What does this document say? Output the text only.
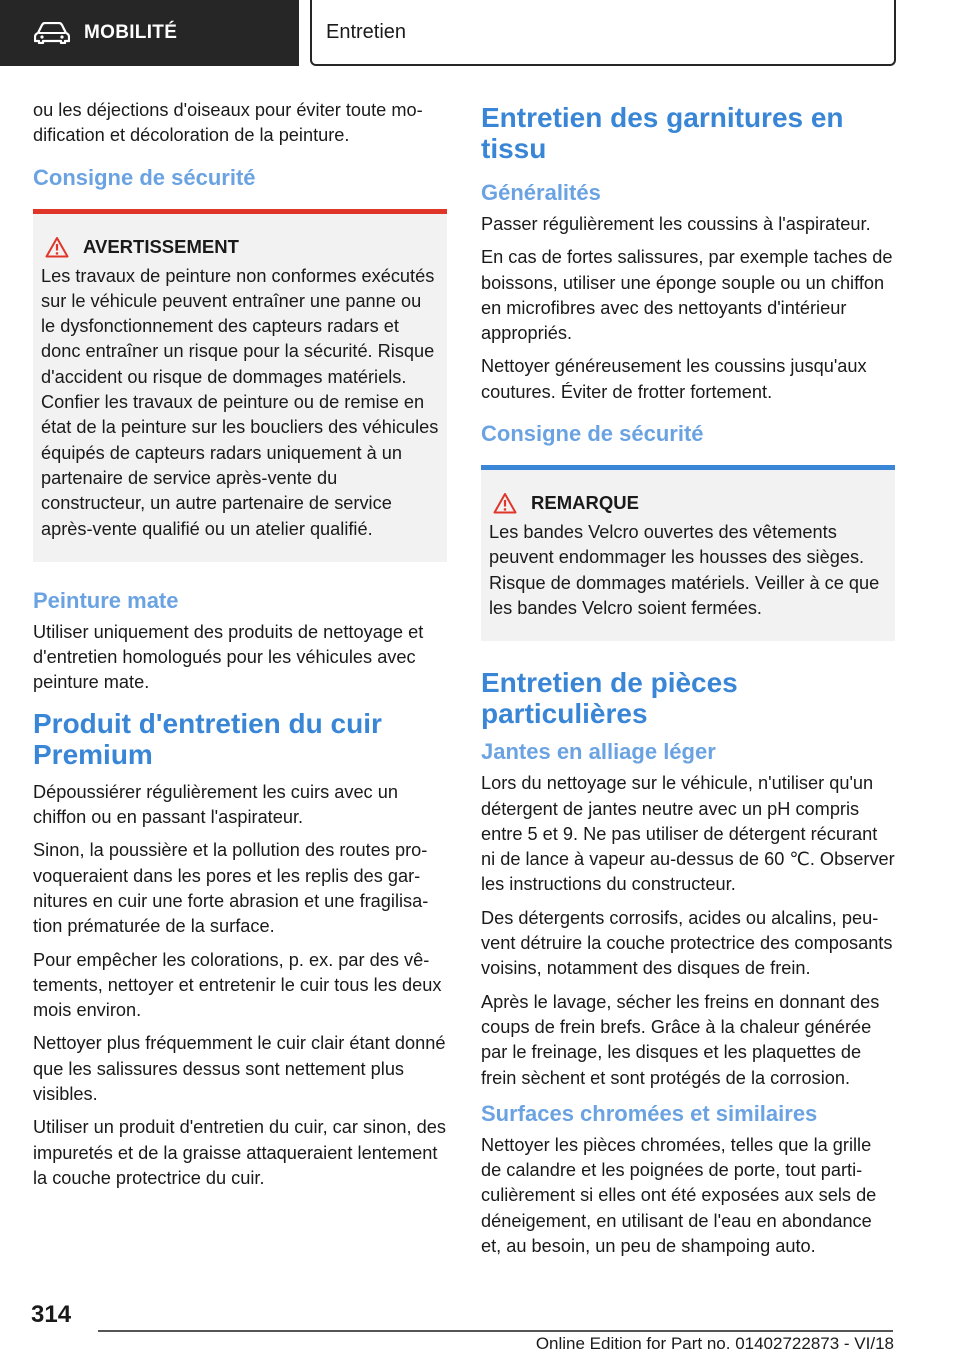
MOBILITÉ	Entretien

ou les déjections d'oiseaux pour éviter toute modification et décoloration de la peinture.

Consigne de sécurité
AVERTISSEMENT

Les travaux de peinture non conformes exécutés sur le véhicule peuvent entraîner une panne ou le dysfonctionnement des capteurs radars et donc entraîner un risque pour la sécurité. Risque d'accident ou risque de dommages matériels. Confier les travaux de peinture ou de remise en état de la peinture sur les boucliers des véhicules équipés de capteurs radars uniquement à un partenaire de service après-vente du constructeur, un autre partenaire de service après-vente qualifié ou un atelier qualifié.

Peinture mate

Utiliser uniquement des produits de nettoyage et d'entretien homologués pour les véhicules avec peinture mate.

Produit d'entretien du cuir Premium

Dépoussiérer régulièrement les cuirs avec un chiffon ou en passant l'aspirateur.

Sinon, la poussière et la pollution des routes provoqueraient dans les pores et les replis des garnitures en cuir une forte abrasion et une fragilisation prématurée de la surface.

Pour empêcher les colorations, p. ex. par des vêtements, nettoyer et entretenir le cuir tous les deux mois environ.

Nettoyer plus fréquemment le cuir clair étant donné que les salissures dessus sont nettement plus visibles.

Utiliser un produit d'entretien du cuir, car sinon, des impuretés et de la graisse attaqueraient lentement la couche protectrice du cuir.

Entretien des garnitures en tissu
Généralités

Passer régulièrement les coussins à l'aspirateur.

En cas de fortes salissures, par exemple taches de boissons, utiliser une éponge souple ou un chiffon en microfibres avec des nettoyants d'intérieur appropriés.

Nettoyer généreusement les coussins jusqu'aux coutures. Éviter de frotter fortement.

Consigne de sécurité
REMARQUE

Les bandes Velcro ouvertes des vêtements peuvent endommager les housses des sièges. Risque de dommages matériels. Veiller à ce que les bandes Velcro soient fermées.

Entretien de pièces particulières
Jantes en alliage léger

Lors du nettoyage sur le véhicule, n'utiliser qu'un détergent de jantes neutre avec un pH compris entre 5 et 9. Ne pas utiliser de détergent récurant ni de lance à vapeur au-dessus de 60 ℃. Observer les instructions du constructeur.

Des détergents corrosifs, acides ou alcalins, peuvent détruire la couche protectrice des composants voisins, notamment des disques de frein.

Après le lavage, sécher les freins en donnant des coups de frein brefs. Grâce à la chaleur générée par le freinage, les disques et les plaquettes de frein sèchent et sont protégés de la corrosion.

Surfaces chromées et similaires

Nettoyer les pièces chromées, telles que la grille de calandre et les poignées de porte, tout particulièrement si elles ont été exposées aux sels de déneigement, en utilisant de l'eau en abondance et, au besoin, un peu de shampoing auto.

314
Online Edition for Part no. 01402722873 - VI/18
